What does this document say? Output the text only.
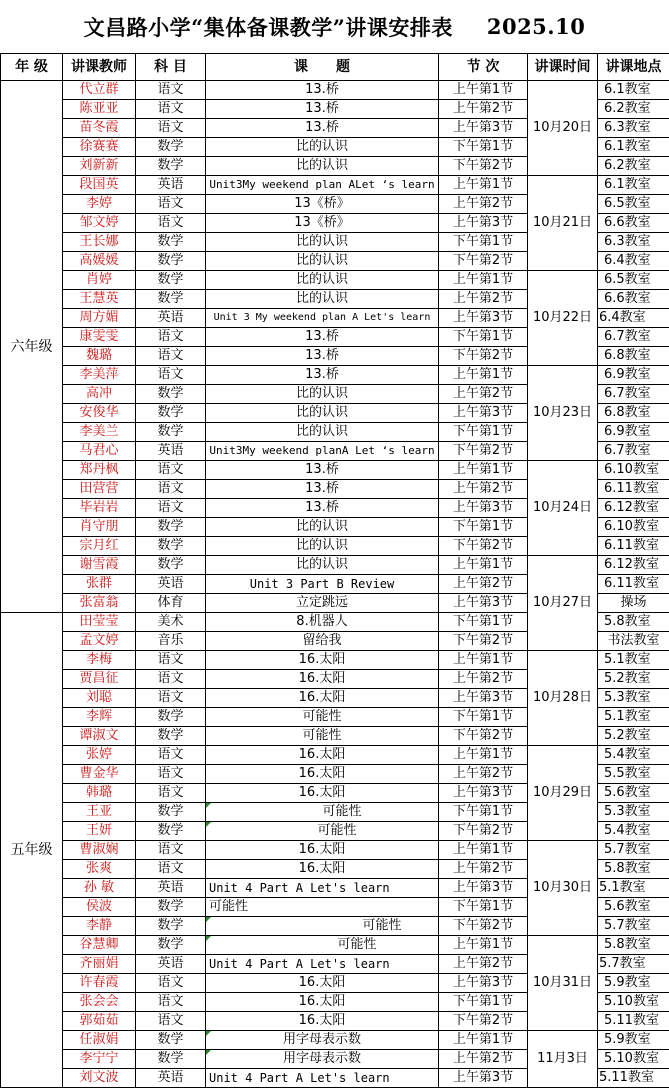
文昌路小学“集体备课教学”讲课安排表 2025.10
年 级	讲课教师	科 目	课　　题	节 次	讲课时间	讲课地点
六年级	代立群	语文	13.桥	上午第1节	10月20日	6.1教室
	陈亚亚	语文	13.桥	上午第2节		6.2教室
	苗冬霞	语文	13.桥	上午第3节		6.3教室
	徐赛赛	数学	比的认识	下午第1节		6.1教室
	刘新新	数学	比的认识	下午第2节		6.2教室
	段国英	英语	Unit3My weekend plan ALet ‘s learn	上午第1节	10月21日	6.1教室
	李婷	语文	13《桥》	上午第2节		6.5教室
	邹文婷	语文	13《桥》	上午第3节		6.6教室
	王长娜	数学	比的认识	下午第1节		6.3教室
	高媛媛	数学	比的认识	下午第2节		6.4教室
	肖婷	数学	比的认识	上午第1节	10月22日	6.5教室
	王慧英	数学	比的认识	上午第2节		6.6教室
	周方媚	英语	Unit 3 My weekend plan A Let's learn	上午第3节		6.4教室
	康雯雯	语文	13.桥	下午第1节		6.7教室
	魏璐	语文	13.桥	下午第2节		6.8教室
	李美萍	语文	13.桥	上午第1节	10月23日	6.9教室
	高冲	数学	比的认识	上午第2节		6.7教室
	安俊华	数学	比的认识	上午第3节		6.8教室
	李美兰	数学	比的认识	下午第1节		6.9教室
	马君心	英语	Unit3My weekend planA Let ‘s learn	下午第2节		6.7教室
	郑丹枫	语文	13.桥	上午第1节	10月24日	6.10教室
	田营营	语文	13.桥	上午第2节		6.11教室
	毕岩岩	语文	13.桥	上午第3节		6.12教室
	肖守朋	数学	比的认识	下午第1节		6.10教室
	宗月红	数学	比的认识	下午第2节		6.11教室
	谢雪霞	数学	比的认识	上午第1节	10月27日	6.12教室
	张群	英语	Unit 3 Part B Review	上午第2节		6.11教室
	张富翁	体育	立定跳远	上午第3节		操场
五年级	田莹莹	美术	8.机器人	下午第1节		5.8教室
	孟文婷	音乐	留给我	下午第2节		书法教室
	李梅	语文	16.太阳	上午第1节	10月28日	5.1教室
	贾昌征	语文	16.太阳	上午第2节		5.2教室
	刘聪	语文	16.太阳	上午第3节		5.3教室
	李辉	数学	可能性	下午第1节		5.1教室
	谭淑文	数学	可能性	下午第2节		5.2教室
	张婷	语文	16.太阳	上午第1节	10月29日	5.4教室
	曹金华	语文	16.太阳	上午第2节		5.5教室
	韩璐	语文	16.太阳	上午第3节		5.6教室
	王亚	数学	可能性	下午第1节		5.3教室
	王妍	数学	可能性	下午第2节		5.4教室
	曹淑娴	语文	16.太阳	上午第1节	10月30日	5.7教室
	张爽	语文	16.太阳	上午第2节		5.8教室
	孙 敏	英语	Unit 4 Part A Let's learn	上午第3节		5.1教室
	侯波	数学	可能性	下午第1节		5.6教室
	李静	数学	可能性	下午第2节		5.7教室
	谷慧卿	数学	可能性	上午第1节	10月31日	5.8教室
	齐丽娟	英语	Unit 4 Part A Let's learn	上午第2节		5.7教室
	许春霞	语文	16.太阳	上午第3节		5.9教室
	张会会	语文	16.太阳	下午第1节		5.10教室
	郭茹茹	语文	16.太阳	下午第2节		5.11教室
	任淑娟	数学	用字母表示数	上午第1节	11月3日	5.9教室
	李宁宁	数学	用字母表示数	上午第2节		5.10教室
	刘文波	英语	Unit 4 Part A Let's learn	上午第3节		5.11教室
